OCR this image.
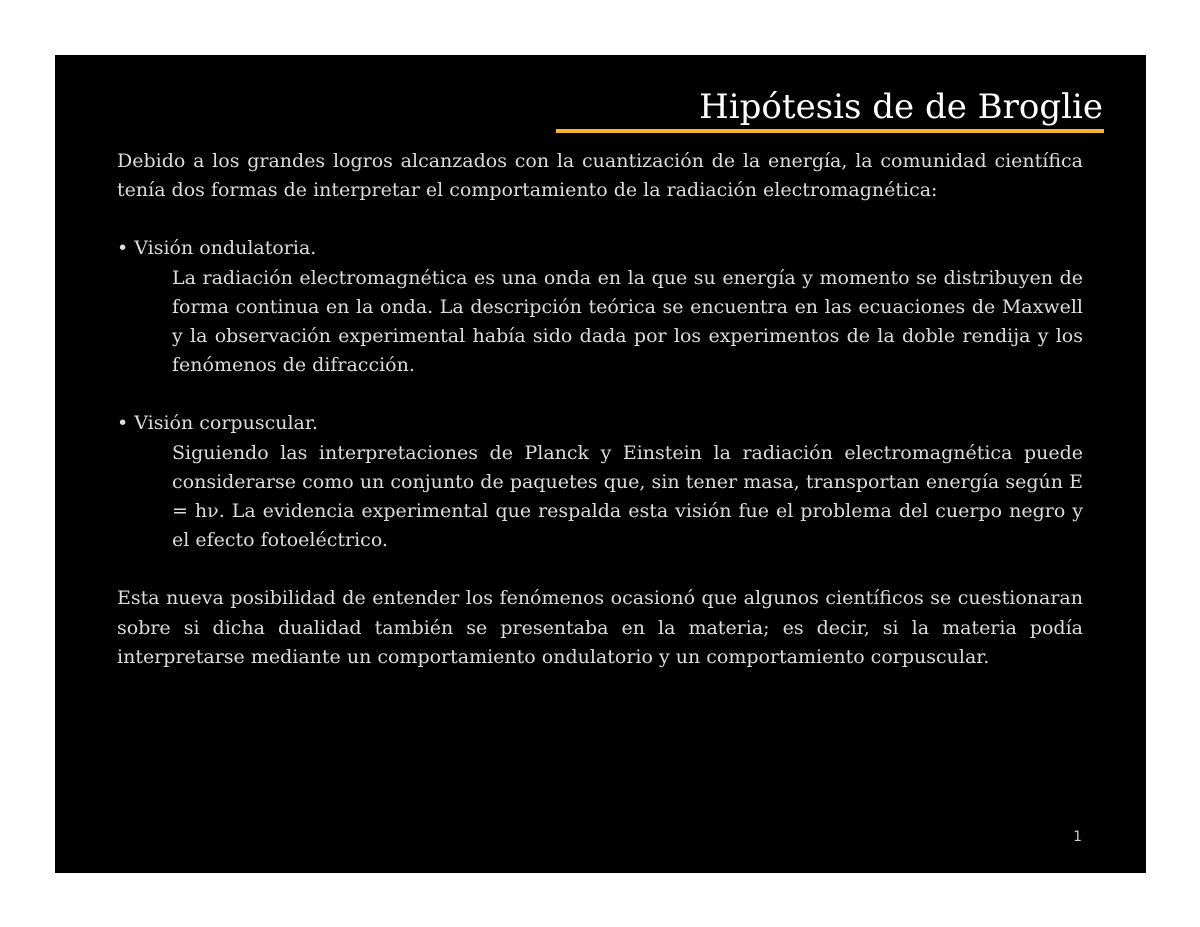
Hipótesis de de Broglie

Debido a los grandes logros alcanzados con la cuantización de la energía, la comunidad científica tenía dos formas de interpretar el comportamiento de la radiación electromagnética:

• Visión ondulatoria.

La radiación electromagnética es una onda en la que su energía y momento se distribuyen de forma continua en la onda. La descripción teórica se encuentra en las ecuaciones de Maxwell y la observación experimental había sido dada por los experimentos de la doble rendija y los fenómenos de difracción.

• Visión corpuscular.

Siguiendo las interpretaciones de Planck y Einstein la radiación electromagnética puede considerarse como un conjunto de paquetes que, sin tener masa, transportan energía según E = hν. La evidencia experimental que respalda esta visión fue el problema del cuerpo negro y el efecto fotoeléctrico.

Esta nueva posibilidad de entender los fenómenos ocasionó que algunos científicos se cuestionaran sobre si dicha dualidad también se presentaba en la materia; es decir, si la materia podía interpretarse mediante un comportamiento ondulatorio y un comportamiento corpuscular.

1
